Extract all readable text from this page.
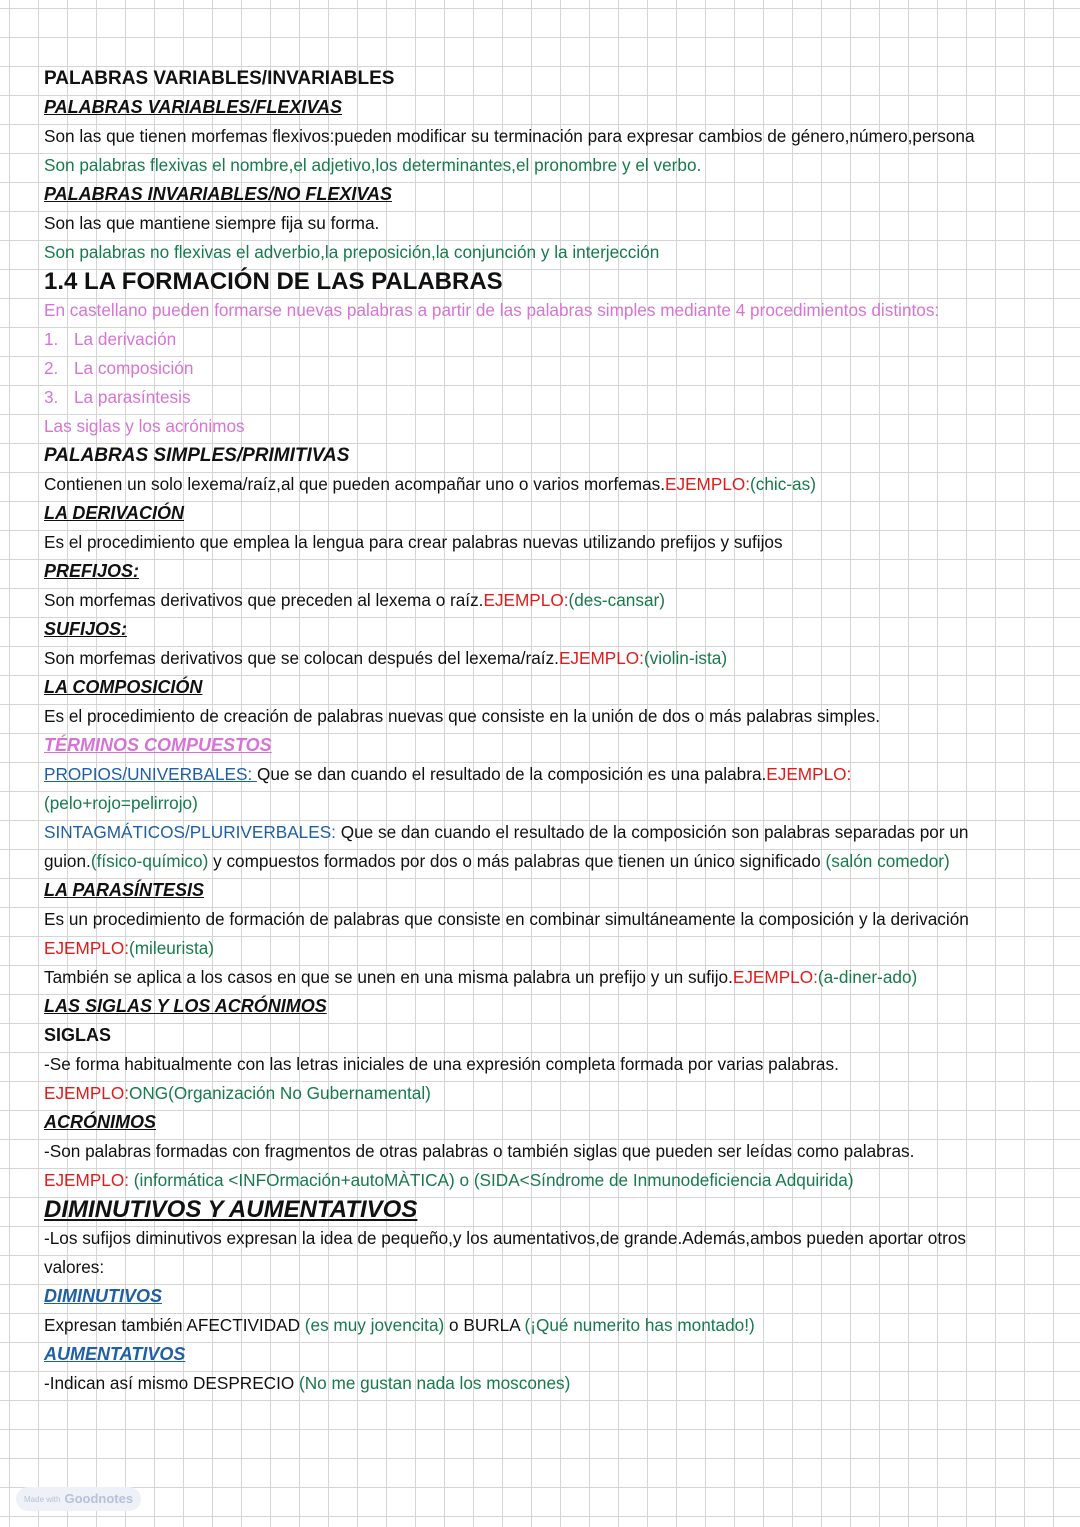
PALABRAS VARIABLES/INVARIABLES
PALABRAS VARIABLES/FLEXIVAS
Son las que tienen morfemas flexivos:pueden modificar su terminación para expresar cambios de género,número,persona
Son palabras flexivas el nombre,el adjetivo,los determinantes,el pronombre y el verbo.
PALABRAS INVARIABLES/NO FLEXIVAS
Son las que mantiene siempre fija su forma.
Son palabras no flexivas el adverbio,la preposición,la conjunción y la interjección
1.4 LA FORMACIÓN DE LAS PALABRAS
En castellano pueden formarse nuevas palabras a partir de las palabras simples mediante 4 procedimientos distintos:
1. La derivación
2. La composición
3. La parasíntesis
Las siglas y los acrónimos
PALABRAS SIMPLES/PRIMITIVAS
Contienen un solo lexema/raíz,al que pueden acompañar uno o varios morfemas.EJEMPLO:(chic-as)
LA DERIVACIÓN
Es el procedimiento que emplea la lengua para crear palabras nuevas utilizando prefijos y sufijos
PREFIJOS:
Son morfemas derivativos que preceden al lexema o raíz.EJEMPLO:(des-cansar)
SUFIJOS:
Son morfemas derivativos que se colocan después del lexema/raíz.EJEMPLO:(violin-ista)
LA COMPOSICIÓN
Es el procedimiento de creación de palabras nuevas que consiste en la unión de dos o más palabras simples.
TÉRMINOS COMPUESTOS
PROPIOS/UNIVERBALES: Que se dan cuando el resultado de la composición es una palabra.EJEMPLO:
(pelo+rojo=pelirrojo)
SINTAGMÁTICOS/PLURIVERBALES: Que se dan cuando el resultado de la composición son palabras separadas por un
guion.(físico-químico) y compuestos formados por dos o más palabras que tienen un único significado (salón comedor)
LA PARASÍNTESIS
Es un procedimiento de formación de palabras que consiste en combinar simultáneamente la composición y la derivación
EJEMPLO:(mileurista)
También se aplica a los casos en que se unen en una misma palabra un prefijo y un sufijo.EJEMPLO:(a-diner-ado)
LAS SIGLAS Y LOS ACRÓNIMOS
SIGLAS
-Se forma habitualmente con las letras iniciales de una expresión completa formada por varias palabras.
EJEMPLO:ONG(Organización No Gubernamental)
ACRÓNIMOS
-Son palabras formadas con fragmentos de otras palabras o también siglas que pueden ser leídas como palabras.
EJEMPLO: (informática <INFOrmación+autoMÀTICA) o (SIDA<Síndrome de Inmunodeficiencia Adquirida)
DIMINUTIVOS Y AUMENTATIVOS
-Los sufijos diminutivos expresan la idea de pequeño,y los aumentativos,de grande.Además,ambos pueden aportar otros
valores:
DIMINUTIVOS
Expresan también AFECTIVIDAD (es muy jovencita) o BURLA (¡Qué numerito has montado!)
AUMENTATIVOS
-Indican así mismo DESPRECIO (No me gustan nada los moscones)
Made with Goodnotes
